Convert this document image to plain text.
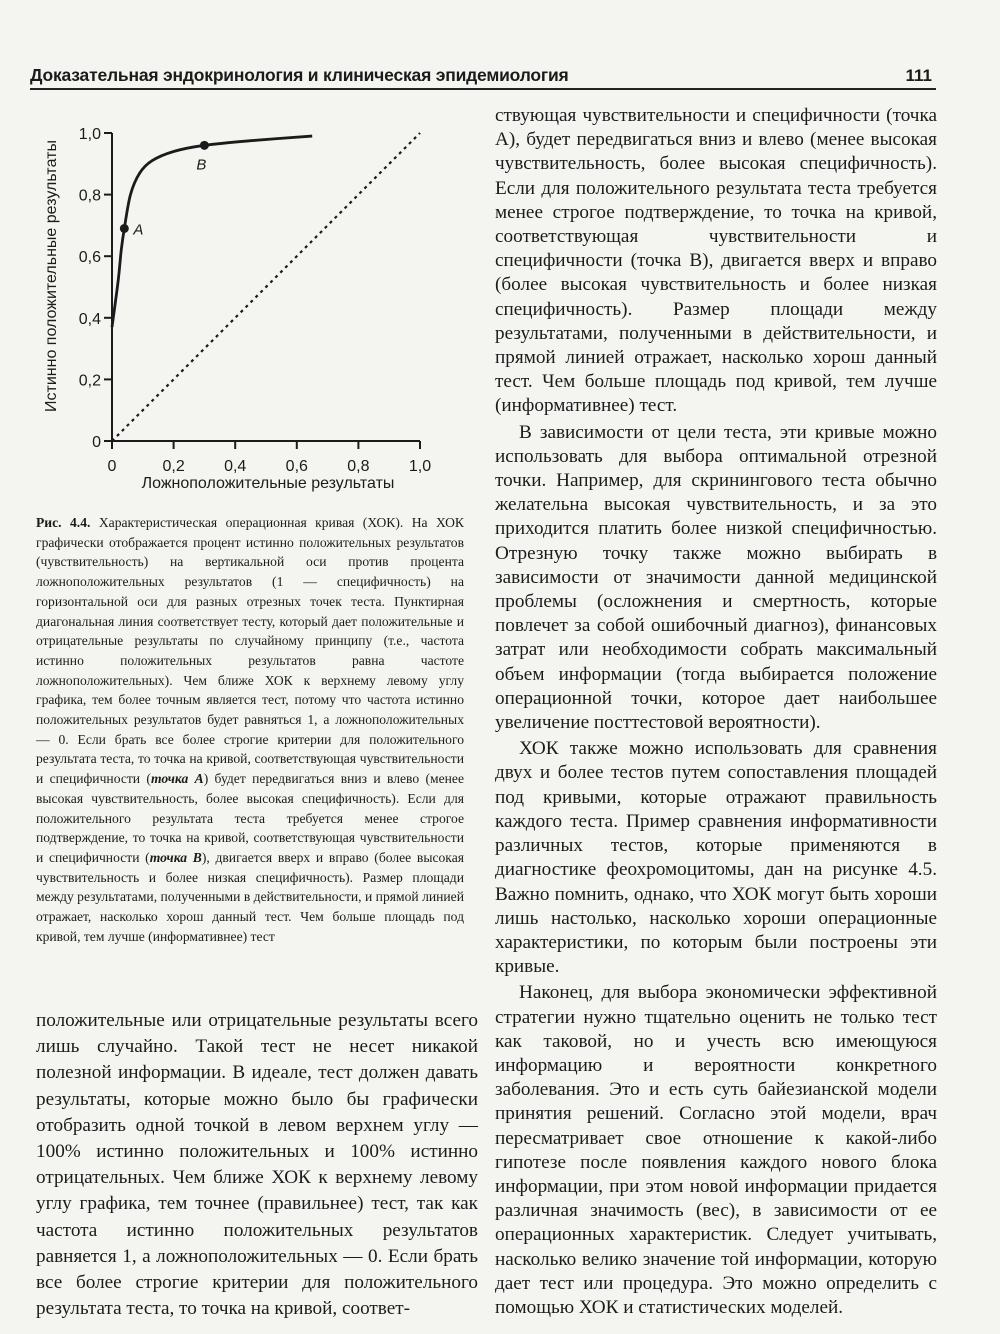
Доказательная эндокринология и клиническая эпидемиология	111
Истинно положительные результаты
Ложноположительные результаты
0
0,2
0,4
0,6
0,8
1,0
0	0,2 0,4 0,6 0,8 1,0
A
B

Рис. 4.4. Характеристическая операционная кривая (ХОК). На ХОК графически отображается процент истинно положительных результатов (чувствительность) на вертикальной оси против процента ложноположительных результатов (1 — специфичность) на горизонтальной оси для разных отрезных точек теста. Пунктирная диагональная линия соответствует тесту, который дает положительные и отрицательные результаты по случайному принципу (т.е., частота истинно положительных результатов равна частоте ложноположительных). Чем ближе ХОК к верхнему левому углу графика, тем более точным является тест, потому что частота истинно положительных результатов будет равняться 1, а ложноположительных — 0. Если брать все более строгие критерии для положительного результата теста, то точка на кривой, соответствующая чувствительности и специфичности (точка A) будет передвигаться вниз и влево (менее высокая чувствительность, более высокая специфичность). Если для положительного результата теста требуется менее строгое подтверждение, то точка на кривой, соответствующая чувствительности и специфичности (точка B), двигается вверх и вправо (более высокая чувствительность и более низкая специфичность). Размер площади между результатами, полученными в действительности, и прямой линией отражает, насколько хорош данный тест. Чем больше площадь под кривой, тем лучше (информативнее) тест

положительные или отрицательные результаты всего лишь случайно. Такой тест не несет никакой полезной информации. В идеале, тест должен давать результаты, которые можно было бы графически отобразить одной точкой в левом верхнем углу — 100% истинно положительных и 100% истинно отрицательных. Чем ближе ХОК к верхнему левому углу графика, тем точнее (правильнее) тест, так как частота истинно положительных результатов равняется 1, а ложноположительных — 0. Если брать все более строгие критерии для положительного результата теста, то точка на кривой, соответ-

ствующая чувствительности и специфичности (точка А), будет передвигаться вниз и влево (менее высокая чувствительность, более высокая специфичность). Если для положительного результата теста требуется менее строгое подтверждение, то точка на кривой, соответствующая чувствительности и специфичности (точка В), двигается вверх и вправо (более высокая чувствительность и более низкая специфичность). Размер площади между результатами, полученными в действительности, и прямой линией отражает, насколько хорош данный тест. Чем больше площадь под кривой, тем лучше (информативнее) тест.

В зависимости от цели теста, эти кривые можно использовать для выбора оптимальной отрезной точки. Например, для скринингового теста обычно желательна высокая чувствительность, и за это приходится платить более низкой специфичностью. Отрезную точку также можно выбирать в зависимости от значимости данной медицинской проблемы (осложнения и смертность, которые повлечет за собой ошибочный диагноз), финансовых затрат или необходимости собрать максимальный объем информации (тогда выбирается положение операционной точки, которое дает наибольшее увеличение посттестовой вероятности).

ХОК также можно использовать для сравнения двух и более тестов путем сопоставления площадей под кривыми, которые отражают правильность каждого теста. Пример сравнения информативности различных тестов, которые применяются в диагностике феохромоцитомы, дан на рисунке 4.5. Важно помнить, однако, что ХОК могут быть хороши лишь настолько, насколько хороши операционные характеристики, по которым были построены эти кривые.

Наконец, для выбора экономически эффективной стратегии нужно тщательно оценить не только тест как таковой, но и учесть всю имеющуюся информацию и вероятности конкретного заболевания. Это и есть суть байезианской модели принятия решений. Согласно этой модели, врач пересматривает свое отношение к какой-либо гипотезе после появления каждого нового блока информации, при этом новой информации придается различная значимость (вес), в зависимости от ее операционных характеристик. Следует учитывать, насколько велико значение той информации, которую дает тест или процедура. Это можно определить с помощью ХОК и статистических моделей.
